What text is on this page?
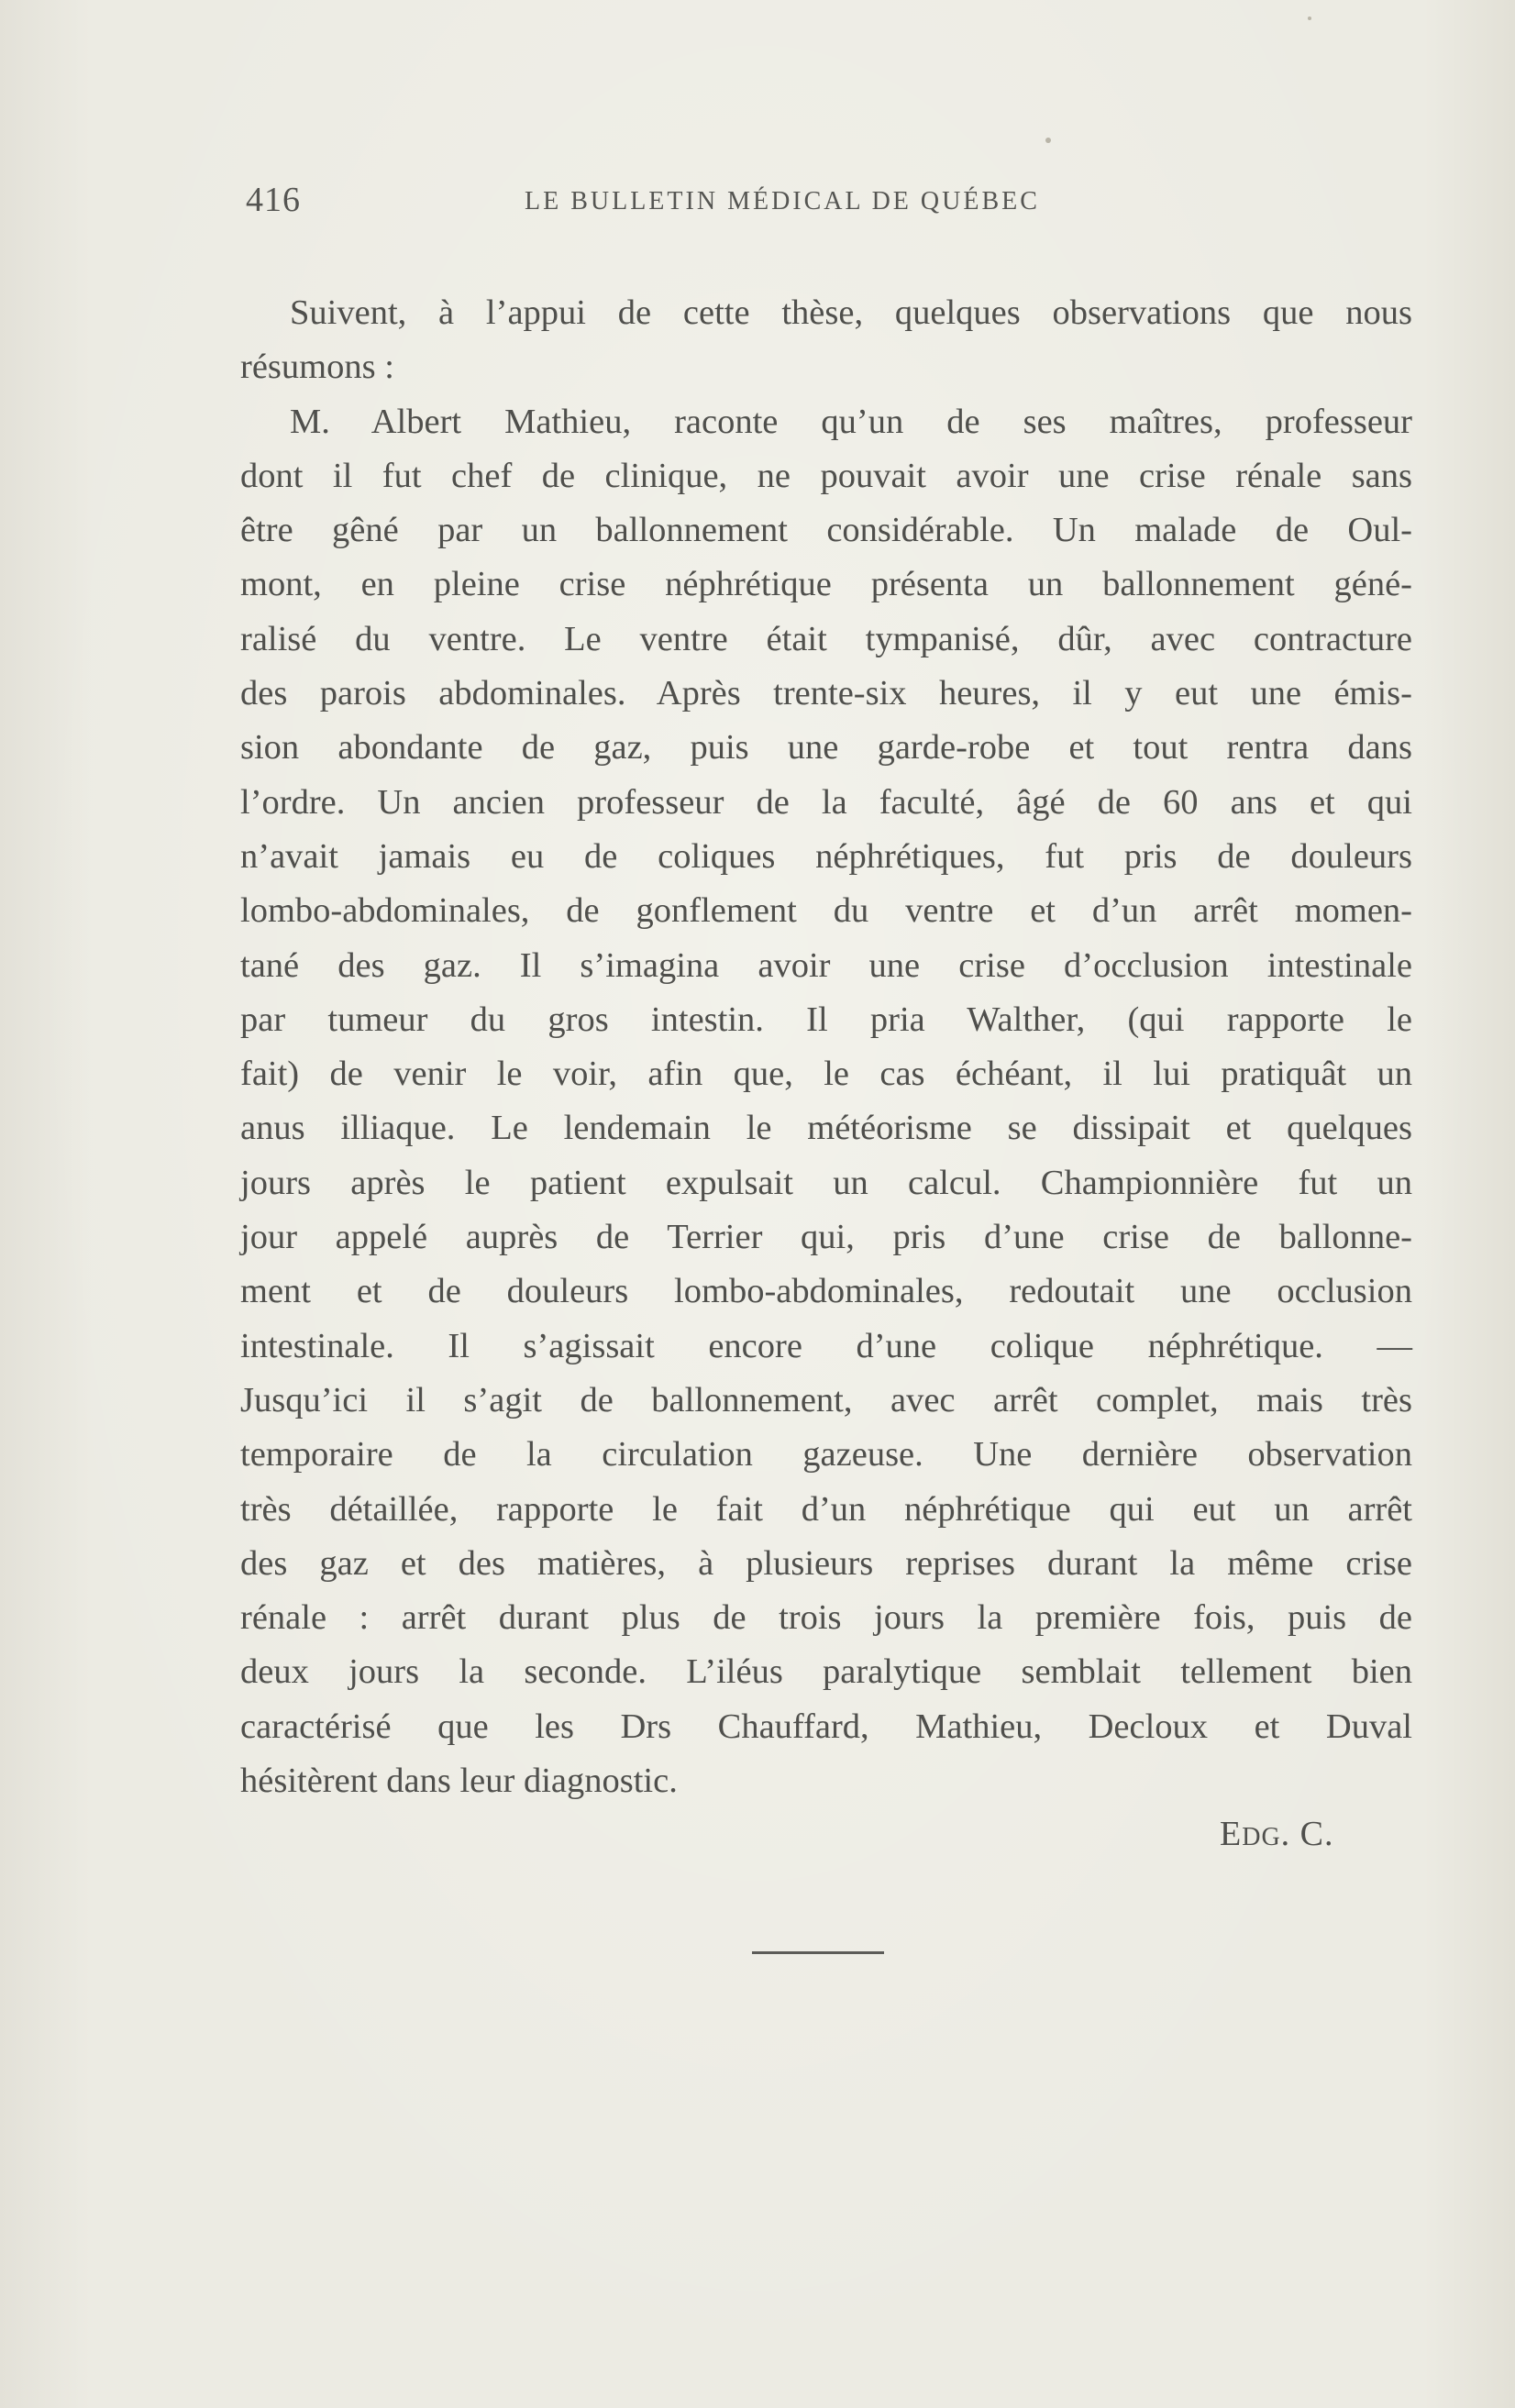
416	LE BULLETIN MÉDICAL DE QUÉBEC
Suivent, à l’appui de cette thèse, quelques observations que nous
résumons :
M. Albert Mathieu, raconte qu’un de ses maîtres, professeur
dont il fut chef de clinique, ne pouvait avoir une crise rénale sans
être gêné par un ballonnement considérable. Un malade de Oul-
mont, en pleine crise néphrétique présenta un ballonnement géné-
ralisé du ventre. Le ventre était tympanisé, dûr, avec contracture
des parois abdominales. Après trente-six heures, il y eut une émis-
sion abondante de gaz, puis une garde-robe et tout rentra dans
l’ordre. Un ancien professeur de la faculté, âgé de 60 ans et qui
n’avait jamais eu de coliques néphrétiques, fut pris de douleurs
lombo-abdominales, de gonflement du ventre et d’un arrêt momen-
tané des gaz. Il s’imagina avoir une crise d’occlusion intestinale
par tumeur du gros intestin. Il pria Walther, (qui rapporte le
fait) de venir le voir, afin que, le cas échéant, il lui pratiquât un
anus illiaque. Le lendemain le météorisme se dissipait et quelques
jours après le patient expulsait un calcul. Championnière fut un
jour appelé auprès de Terrier qui, pris d’une crise de ballonne-
ment et de douleurs lombo-abdominales, redoutait une occlusion
intestinale. Il s’agissait encore d’une colique néphrétique. —
Jusqu’ici il s’agit de ballonnement, avec arrêt complet, mais très
temporaire de la circulation gazeuse. Une dernière observation
très détaillée, rapporte le fait d’un néphrétique qui eut un arrêt
des gaz et des matières, à plusieurs reprises durant la même crise
rénale : arrêt durant plus de trois jours la première fois, puis de
deux jours la seconde. L’iléus paralytique semblait tellement bien
caractérisé que les Drs Chauffard, Mathieu, Decloux et Duval
hésitèrent dans leur diagnostic.
EDG. C.
